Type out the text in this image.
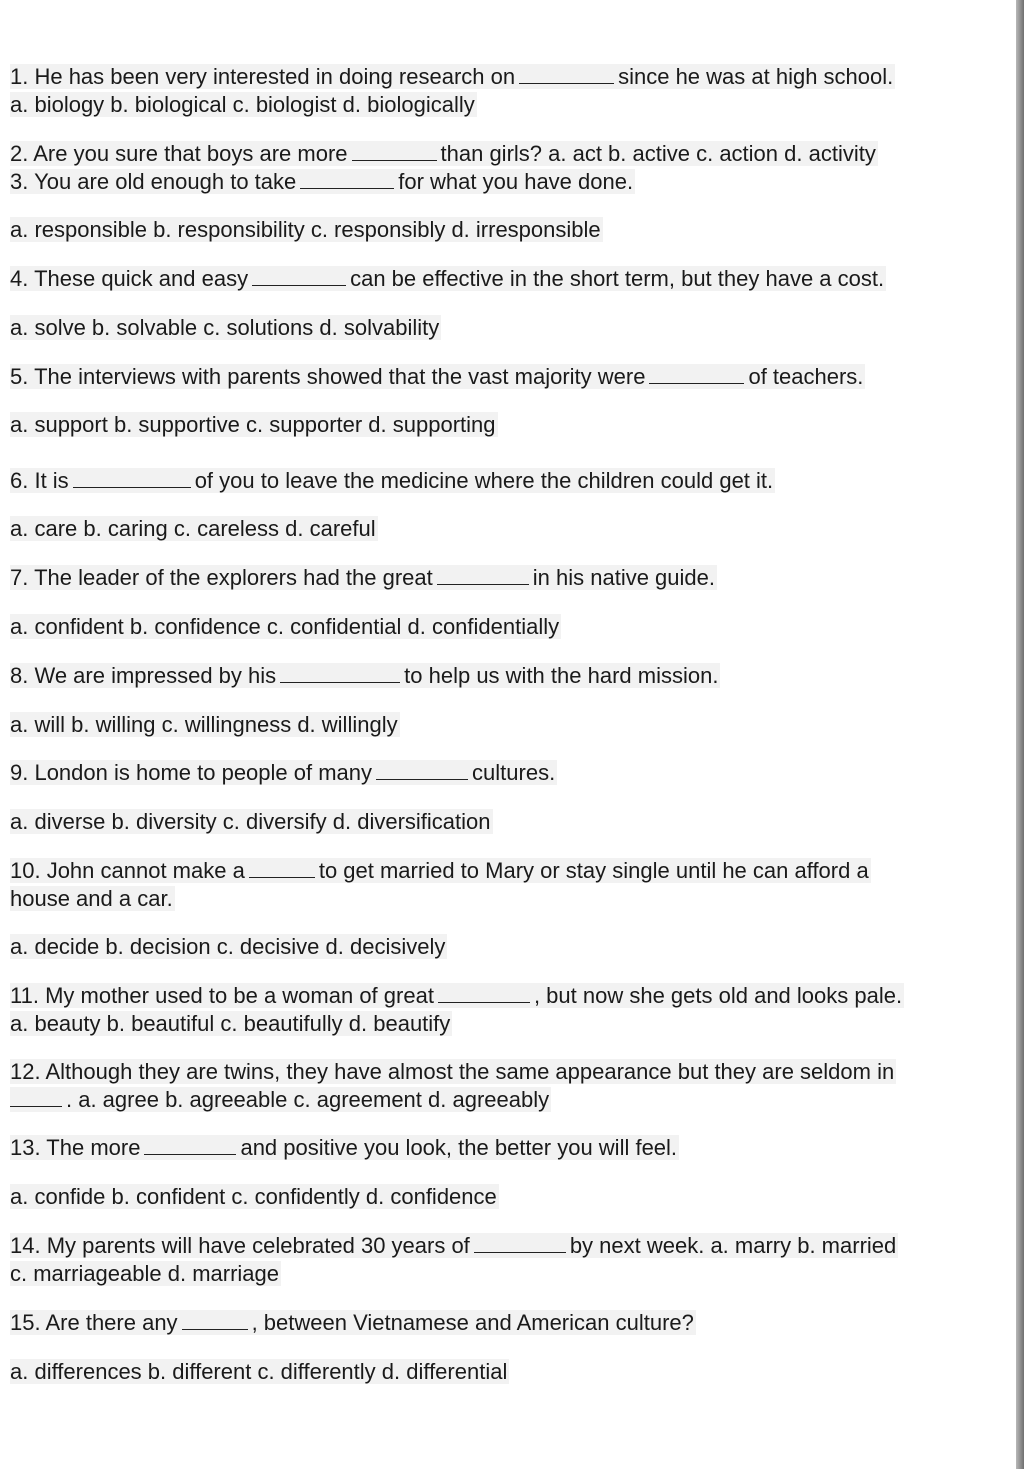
1. He has been very interested in doing research on	since he was at high school.
a. biology b. biological c. biologist d. biologically
2. Are you sure that boys are more	than girls? a. act b. active c. action d. activity
3. You are old enough to take	for what you have done.
a. responsible b. responsibility c. responsibly d. irresponsible
4. These quick and easy	can be effective in the short term, but they have a cost.
a. solve b. solvable c. solutions d. solvability
5. The interviews with parents showed that the vast majority were	of teachers.
a. support b. supportive c. supporter d. supporting
6. It is	of you to leave the medicine where the children could get it.
a. care b. caring c. careless d. careful
7. The leader of the explorers had the great	in his native guide.
a. confident b. confidence c. confidential d. confidentially
8. We are impressed by his	to help us with the hard mission.
a. will b. willing c. willingness d. willingly
9. London is home to people of many	cultures.
a. diverse b. diversity c. diversify d. diversification
10. John cannot make a	to get married to Mary or stay single until he can afford a
house and a car.
a. decide b. decision c. decisive d. decisively
11. My mother used to be a woman of great	, but now she gets old and looks pale.
a. beauty b. beautiful c. beautifully d. beautify
12. Although they are twins, they have almost the same appearance but they are seldom in
. a. agree b. agreeable c. agreement d. agreeably
13. The more	and positive you look, the better you will feel.
a. confide b. confident c. confidently d. confidence
14. My parents will have celebrated 30 years of	by next week. a. marry b. married
c. marriageable d. marriage
15. Are there any	, between Vietnamese and American culture?
a. differences b. different c. differently d. differential
